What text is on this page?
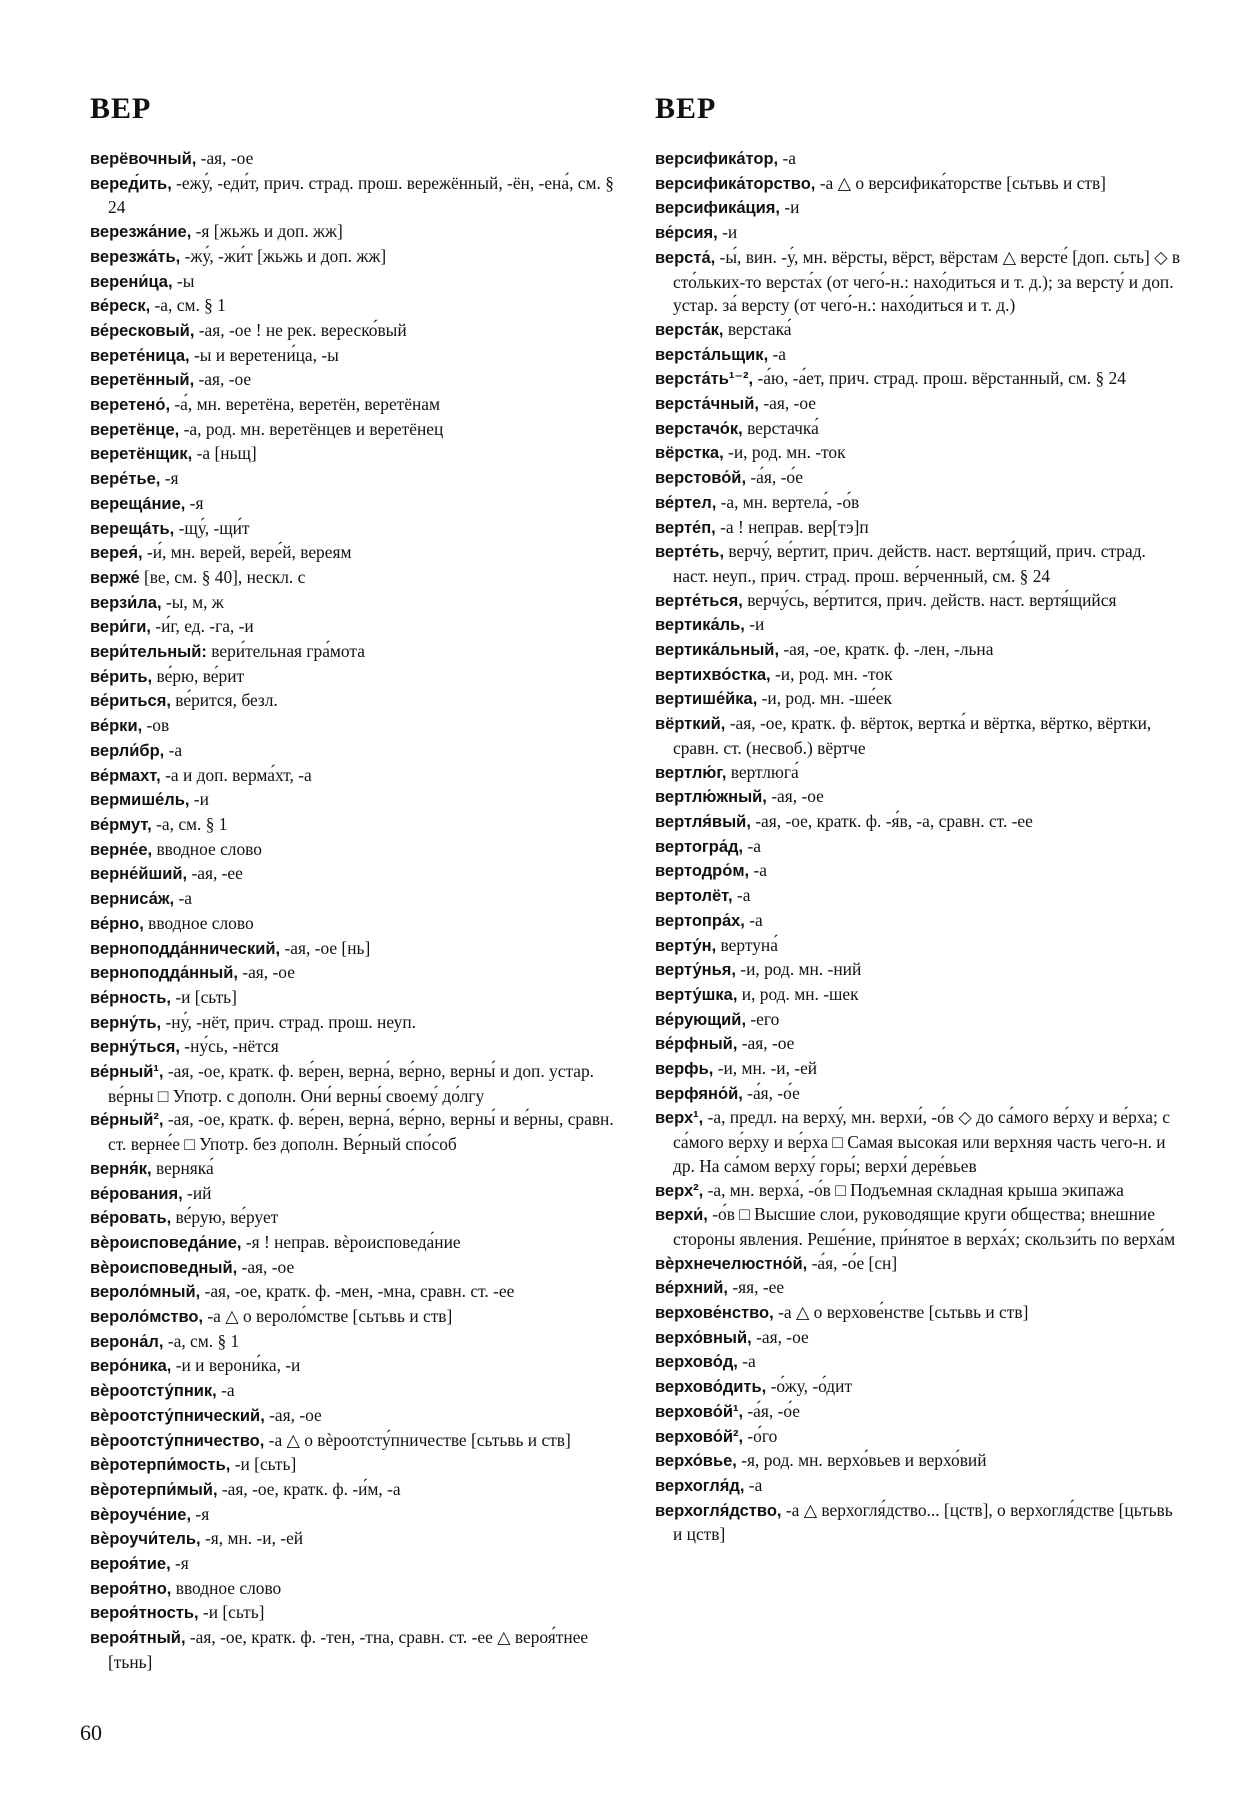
ВЕР	ВЕР

верёвочный, -ая, -ое

веред́ить, -ежу́, -еди́т, прич. страд. прош. вережённый, -ён, -ена́, см. § 24

верезжа́ние, -я [жьжь и доп. жж]

верезжа́ть, -жу́, -жи́т [жьжь и доп. жж]

верени́ца, -ы

ве́реск, -а, см. § 1

ве́ресковый, -ая, -ое ! не рек. вереско́вый

верете́ница, -ы и веретени́ца, -ы

веретённый, -ая, -ое

веретено́, -а́, мн. веретёна, веретён, веретёнам

веретёнце, -а, род. мн. веретёнцев и веретёнец

веретёнщик, -а [ньщ]

вере́тье, -я

верещáние, -я

верещáть, -щу́, -щи́т

верея́, -и́, мн. верей, вере́й, вереям

верже́ [ве, см. § 40], нескл. с

верзи́ла, -ы, м, ж

вери́ги, -и́г, ед. -га, -и

вери́тельный: вери́тельная гра́мота

ве́рить, ве́рю, ве́рит

ве́риться, ве́рится, безл.

ве́рки, -ов

верли́бр, -а

ве́рмахт, -а и доп. верма́хт, -а

вермише́ль, -и

ве́рмут, -а, см. § 1

верне́е, вводное слово

верне́йший, -ая, -ее

верниса́ж, -а

ве́рно, вводное слово

верноподда́ннический, -ая, -ое [нь]

верноподда́нный, -ая, -ое

ве́рность, -и [сьть]

верну́ть, -ну́, -нёт, прич. страд. прош. неуп.

верну́ться, -ну́сь, -нётся

ве́рный¹, -ая, -ое, кратк. ф. ве́рен, верна́, ве́рно, верны́ и доп. устар. ве́рны □ Употр. с дополн. Они́ верны́ своему́ до́лгу

ве́рный², -ая, -ое, кратк. ф. ве́рен, верна́, ве́рно, верны́ и ве́рны, сравн. ст. верне́е □ Употр. без дополн. Ве́рный спо́соб

верня́к, верняка́

ве́рования, -ий

ве́ровать, ве́рую, ве́рует

вѐроисповеда́ние, -я ! неправ. вѐроисповеда́ние

вѐроисповедный, -ая, -ое

вероло́мный, -ая, -ое, кратк. ф. -мен, -мна, сравн. ст. -ее

вероло́мство, -а △ о вероло́мстве [сьтьвь и ств]

верона́л, -а, см. § 1

веро́ника, -и и верони́ка, -и

вѐроотсту́пник, -а

вѐроотсту́пнический, -ая, -ое

вѐроотсту́пничество, -а △ о вѐроотсту́пничестве [сьтьвь и ств]

вѐротерпи́мость, -и [сьть]

вѐротерпи́мый, -ая, -ое, кратк. ф. -и́м, -а

вѐроуче́ние, -я

вѐроучи́тель, -я, мн. -и, -ей

вероя́тие, -я

вероя́тно, вводное слово

вероя́тность, -и [сьть]

вероя́тный, -ая, -ое, кратк. ф. -тен, -тна, сравн. ст. -ее △ вероя́тнее [тьнь]

версифика́тор, -а

версифика́торство, -а △ о версифика́торстве [сьтьвь и ств]

версифика́ция, -и

ве́рсия, -и

верста́, -ы́, вин. -у́, мн. вёрсты, вёрст, вёрстам △ версте́ [доп. сьть] ◇ в сто́льких-то верста́х (от чего́-н.: нахо́диться и т. д.); за версту́ и доп. устар. за́ версту (от чего́-н.: нахо́диться и т. д.)

верста́к, верстака́

верста́льщик, -а

верста́ть¹⁻², -а́ю, -а́ет, прич. страд. прош. вёрстанный, см. § 24

верста́чный, -ая, -ое

верстачо́к, верстачка́

вёрстка, -и, род. мн. -ток

верстово́й, -а́я, -о́е

ве́ртел, -а, мн. вертела́, -о́в

верте́п, -а ! неправ. вер[тэ]п

верте́ть, верчу́, ве́ртит, прич. действ. наст. вертя́щий, прич. страд. наст. неуп., прич. страд. прош. ве́рченный, см. § 24

верте́ться, верчу́сь, ве́ртится, прич. действ. наст. вертя́щийся

вертика́ль, -и

вертика́льный, -ая, -ое, кратк. ф. -лен, -льна

вертихво́стка, -и, род. мн. -ток

вертише́йка, -и, род. мн. -ше́ек

вёрткий, -ая, -ое, кратк. ф. вёрток, вертка́ и вёртка, вёртко, вёртки, сравн. ст. (несвоб.) вёртче

вертлю́г, вертлюга́

вертлю́жный, -ая, -ое

вертля́вый, -ая, -ое, кратк. ф. -я́в, -а, сравн. ст. -ее

вертогра́д, -а

вертодро́м, -а

вертолёт, -а

вертопра́х, -а

верту́н, вертуна́

верту́нья, -и, род. мн. -ний

верту́шка, и, род. мн. -шек

ве́рующий, -его

ве́рфный, -ая, -ое

верфь, -и, мн. -и, -ей

верфяно́й, -а́я, -о́е

верх¹, -а, предл. на верху́, мн. верхи́, -о́в ◇ до са́мого ве́рху и ве́рха; с са́мого ве́рху и ве́рха □ Самая высокая или верхняя часть чего-н. и др. На са́мом верху́ горы́; верхи́ дере́вьев

верх², -а, мн. верха́, -о́в □ Подъемная складная крыша экипажа

верхи́, -о́в □ Высшие слои, руководящие круги общества; внешние стороны явления. Реше́ние, при́нятое в верха́х; скользи́ть по верха́м

вѐрхнечелюстно́й, -а́я, -о́е [сн]

ве́рхний, -яя, -ее

верхове́нство, -а △ о верхове́нстве [сьтьвь и ств]

верхо́вный, -ая, -ое

верхово́д, -а

верхово́дить, -о́жу, -о́дит

верхово́й¹, -а́я, -о́е

верхово́й², -о́го

верхо́вье, -я, род. мн. верхо́вьев и верхо́вий

верхогля́д, -а

верхогля́дство, -а △ верхогля́дство... [цств], о верхогля́дстве [цьтьвь и цств]

60
